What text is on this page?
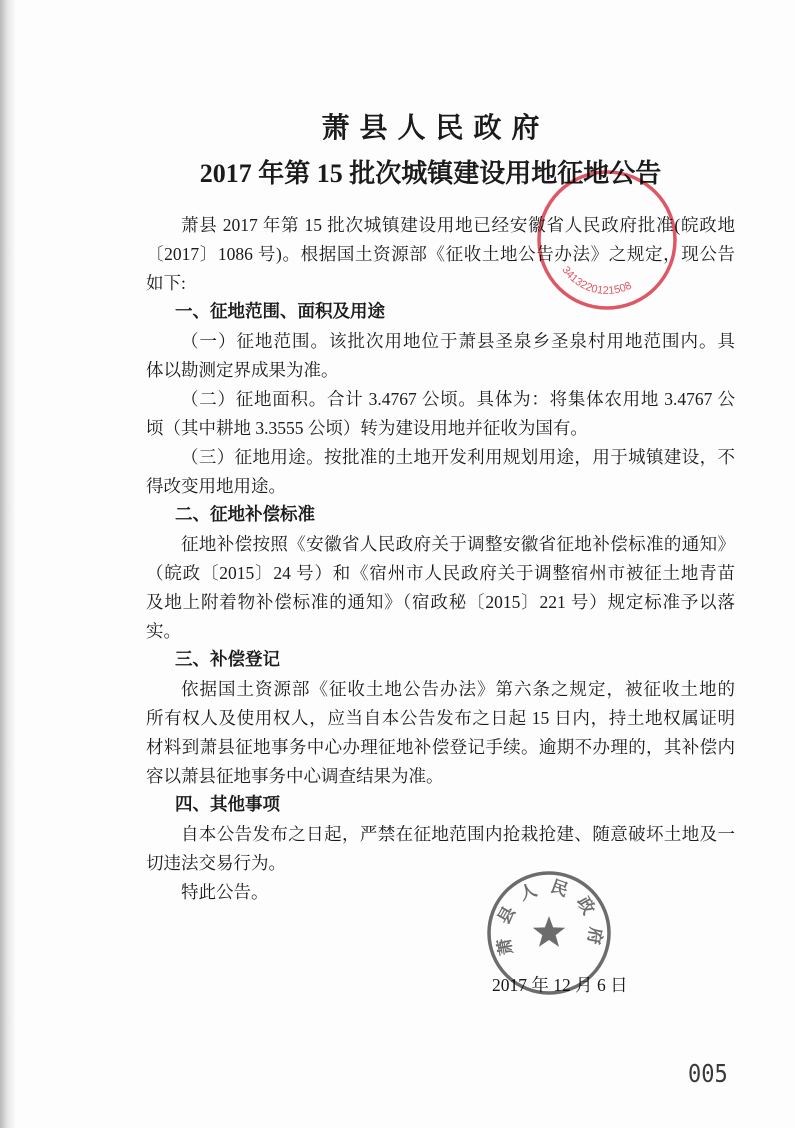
萧县人民政府
2017 年第 15 批次城镇建设用地征地公告
萧县 2017 年第 15 批次城镇建设用地已经安徽省人民政府批准(皖政地
〔2017〕1086 号)。根据国土资源部《征收土地公告办法》之规定，现公告
如下:
一、征地范围、面积及用途
（一）征地范围。该批次用地位于萧县圣泉乡圣泉村用地范围内。具
体以勘测定界成果为准。
（二）征地面积。合计 3.4767 公顷。具体为：将集体农用地 3.4767 公
顷（其中耕地 3.3555 公顷）转为建设用地并征收为国有。
（三）征地用途。按批准的土地开发利用规划用途，用于城镇建设，不
得改变用地用途。
二、征地补偿标准
征地补偿按照《安徽省人民政府关于调整安徽省征地补偿标准的通知》
（皖政〔2015〕24 号）和《宿州市人民政府关于调整宿州市被征土地青苗
及地上附着物补偿标准的通知》（宿政秘〔2015〕221 号）规定标准予以落
实。
三、补偿登记
依据国土资源部《征收土地公告办法》第六条之规定，被征收土地的
所有权人及使用权人，应当自本公告发布之日起 15 日内，持土地权属证明
材料到萧县征地事务中心办理征地补偿登记手续。逾期不办理的，其补偿内
容以萧县征地事务中心调查结果为准。
四、其他事项
自本公告发布之日起，严禁在征地范围内抢栽抢建、随意破坏土地及一
切违法交易行为。
特此公告。
2017 年 12 月 6 日
005
3413220121508
萧县人民政府
